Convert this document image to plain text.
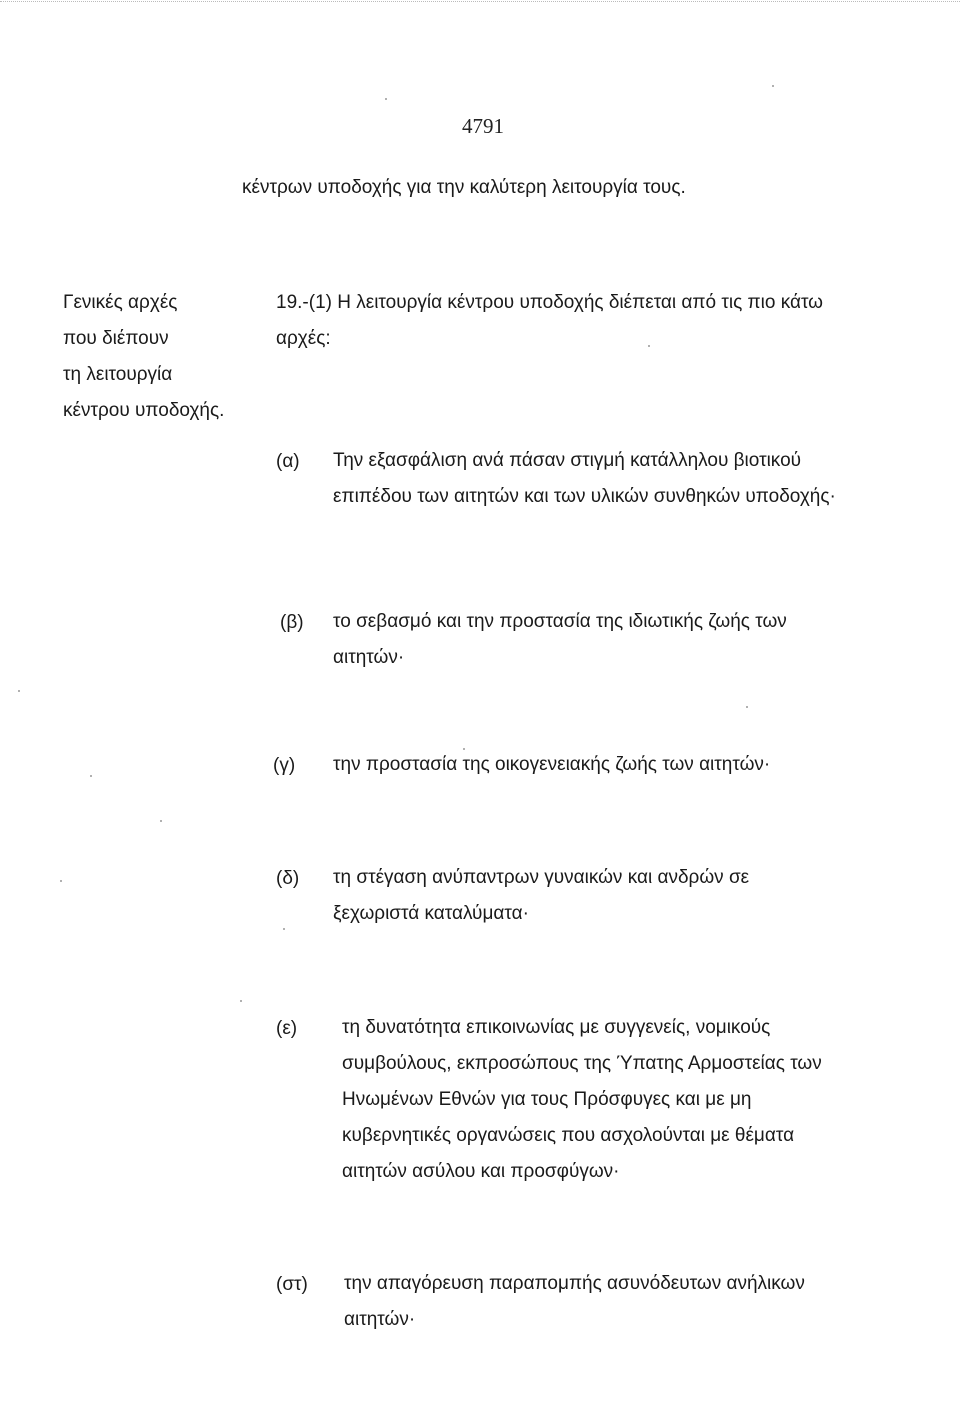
4791
κέντρων υποδοχής για την καλύτερη λειτουργία τους.
Γενικές αρχές
που διέπουν
τη λειτουργία
κέντρου υποδοχής.
19.-(1) Η λειτουργία κέντρου υποδοχής διέπεται από τις πιο κάτω
αρχές:
(α) Την εξασφάλιση ανά πάσαν στιγμή κατάλληλου βιοτικού
επιπέδου των αιτητών και των υλικών συνθηκών υποδοχής·
(β) το σεβασμό και την προστασία της ιδιωτικής ζωής των
αιτητών·
(γ) την προστασία της οικογενειακής ζωής των αιτητών·
(δ) τη στέγαση ανύπαντρων γυναικών και ανδρών σε
ξεχωριστά καταλύματα·
(ε) τη δυνατότητα επικοινωνίας με συγγενείς, νομικούς
συμβούλους, εκπροσώπους της Ύπατης Αρμοστείας των
Ηνωμένων Εθνών για τους Πρόσφυγες και με μη
κυβερνητικές οργανώσεις που ασχολούνται με θέματα
αιτητών ασύλου και προσφύγων·
(στ) την απαγόρευση παραπομπής ασυνόδευτων ανήλικων
αιτητών·
